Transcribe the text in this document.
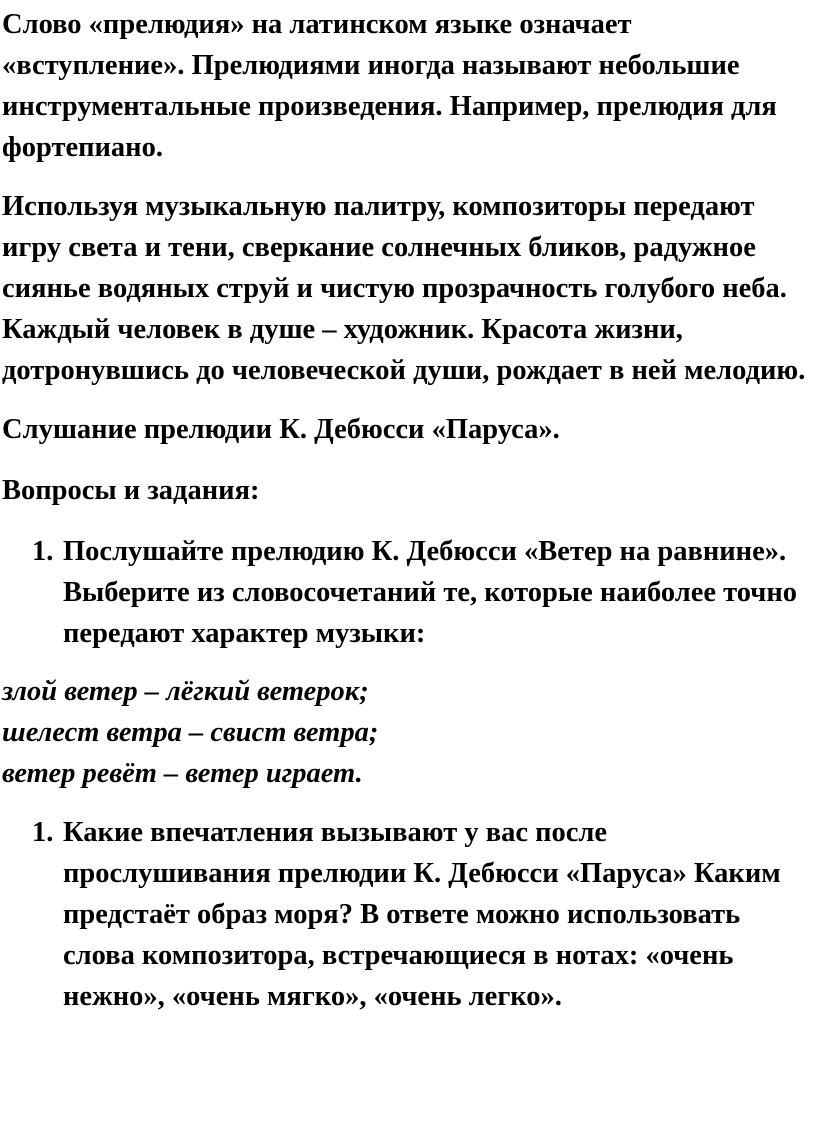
Слово «прелюдия» на латинском языке означает «вступление». Прелюдиями иногда называют небольшие инструментальные произведения. Например, прелюдия для фортепиано.

Используя музыкальную палитру, композиторы передают игру света и тени, сверкание солнечных бликов, радужное сиянье водяных струй и чистую прозрачность голубого неба. Каждый человек в душе – художник. Красота жизни, дотронувшись до человеческой души, рождает в ней мелодию.

Слушание прелюдии К. Дебюсси «Паруса».

Вопросы и задания:

1. Послушайте прелюдию К. Дебюсси «Ветер на равнине». Выберите из словосочетаний те, которые наиболее точно передают характер музыки:

злой ветер – лёгкий ветерок;

шелест ветра – свист ветра;

ветер ревёт – ветер играет.

1. Какие впечатления вызывают у вас после прослушивания прелюдии К. Дебюсси «Паруса» Каким предстаёт образ моря? В ответе можно использовать слова композитора, встречающиеся в нотах: «очень нежно», «очень мягко», «очень легко».
